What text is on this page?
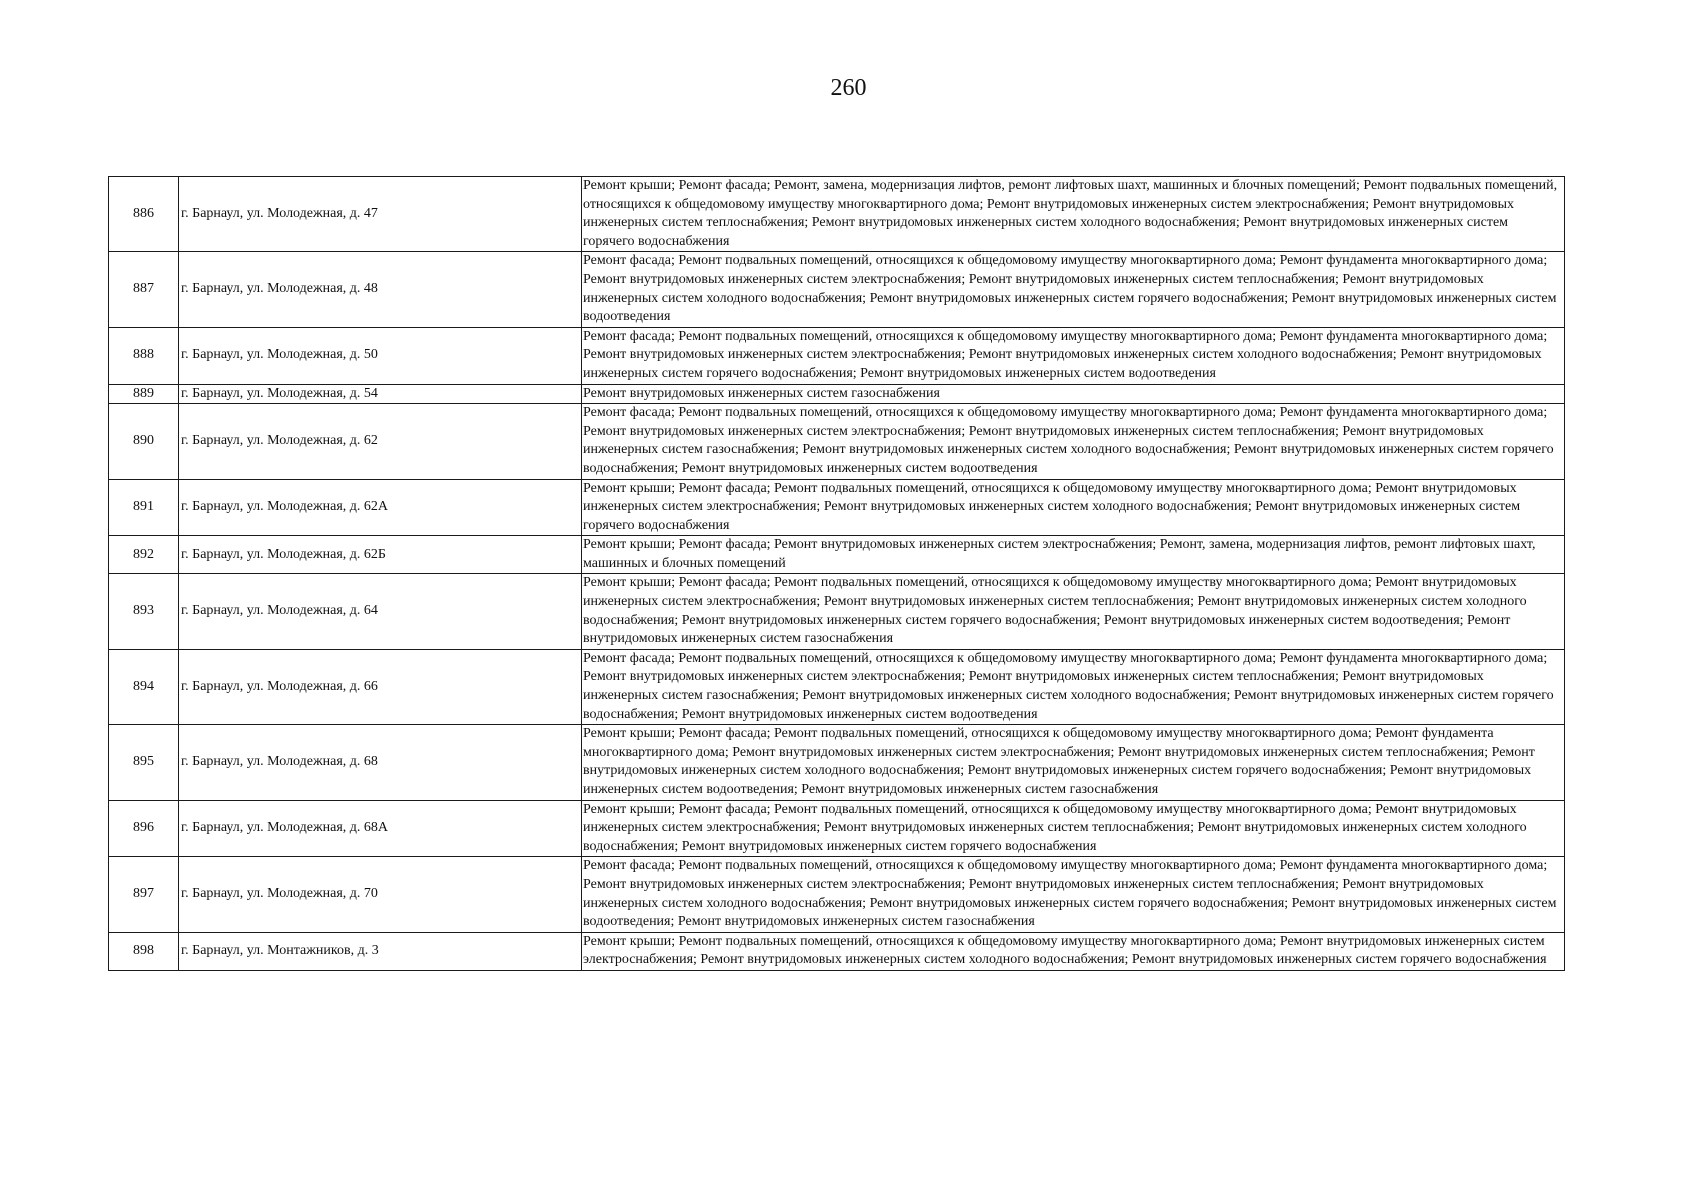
260
886	г. Барнаул, ул. Молодежная, д. 47	Ремонт крыши; Ремонт фасада; Ремонт, замена, модернизация лифтов, ремонт лифтовых шахт, машинных и блочных помещений; Ремонт подвальных помещений, относящихся к общедомовому имуществу многоквартирного дома; Ремонт внутридомовых инженерных систем электроснабжения; Ремонт внутридомовых инженерных систем теплоснабжения; Ремонт внутридомовых инженерных систем холодного водоснабжения; Ремонт внутридомовых инженерных систем горячего водоснабжения
887	г. Барнаул, ул. Молодежная, д. 48	Ремонт фасада; Ремонт подвальных помещений, относящихся к общедомовому имуществу многоквартирного дома; Ремонт фундамента многоквартирного дома; Ремонт внутридомовых инженерных систем электроснабжения; Ремонт внутридомовых инженерных систем теплоснабжения; Ремонт внутридомовых инженерных систем холодного водоснабжения; Ремонт внутридомовых инженерных систем горячего водоснабжения; Ремонт внутридомовых инженерных систем водоотведения
888	г. Барнаул, ул. Молодежная, д. 50	Ремонт фасада; Ремонт подвальных помещений, относящихся к общедомовому имуществу многоквартирного дома; Ремонт фундамента многоквартирного дома; Ремонт внутридомовых инженерных систем электроснабжения; Ремонт внутридомовых инженерных систем холодного водоснабжения; Ремонт внутридомовых инженерных систем горячего водоснабжения; Ремонт внутридомовых инженерных систем водоотведения
889	г. Барнаул, ул. Молодежная, д. 54	Ремонт внутридомовых инженерных систем газоснабжения
890	г. Барнаул, ул. Молодежная, д. 62	Ремонт фасада; Ремонт подвальных помещений, относящихся к общедомовому имуществу многоквартирного дома; Ремонт фундамента многоквартирного дома; Ремонт внутридомовых инженерных систем электроснабжения; Ремонт внутридомовых инженерных систем теплоснабжения; Ремонт внутридомовых инженерных систем газоснабжения; Ремонт внутридомовых инженерных систем холодного водоснабжения; Ремонт внутридомовых инженерных систем горячего водоснабжения; Ремонт внутридомовых инженерных систем водоотведения
891	г. Барнаул, ул. Молодежная, д. 62А	Ремонт крыши; Ремонт фасада; Ремонт подвальных помещений, относящихся к общедомовому имуществу многоквартирного дома; Ремонт внутридомовых инженерных систем электроснабжения; Ремонт внутридомовых инженерных систем холодного водоснабжения; Ремонт внутридомовых инженерных систем горячего водоснабжения
892	г. Барнаул, ул. Молодежная, д. 62Б	Ремонт крыши; Ремонт фасада; Ремонт внутридомовых инженерных систем электроснабжения; Ремонт, замена, модернизация лифтов, ремонт лифтовых шахт, машинных и блочных помещений
893	г. Барнаул, ул. Молодежная, д. 64	Ремонт крыши; Ремонт фасада; Ремонт подвальных помещений, относящихся к общедомовому имуществу многоквартирного дома; Ремонт внутридомовых инженерных систем электроснабжения; Ремонт внутридомовых инженерных систем теплоснабжения; Ремонт внутридомовых инженерных систем холодного водоснабжения; Ремонт внутридомовых инженерных систем горячего водоснабжения; Ремонт внутридомовых инженерных систем водоотведения; Ремонт внутридомовых инженерных систем газоснабжения
894	г. Барнаул, ул. Молодежная, д. 66	Ремонт фасада; Ремонт подвальных помещений, относящихся к общедомовому имуществу многоквартирного дома; Ремонт фундамента многоквартирного дома; Ремонт внутридомовых инженерных систем электроснабжения; Ремонт внутридомовых инженерных систем теплоснабжения; Ремонт внутридомовых инженерных систем газоснабжения; Ремонт внутридомовых инженерных систем холодного водоснабжения; Ремонт внутридомовых инженерных систем горячего водоснабжения; Ремонт внутридомовых инженерных систем водоотведения
895	г. Барнаул, ул. Молодежная, д. 68	Ремонт крыши; Ремонт фасада; Ремонт подвальных помещений, относящихся к общедомовому имуществу многоквартирного дома; Ремонт фундамента многоквартирного дома; Ремонт внутридомовых инженерных систем электроснабжения; Ремонт внутридомовых инженерных систем теплоснабжения; Ремонт внутридомовых инженерных систем холодного водоснабжения; Ремонт внутридомовых инженерных систем горячего водоснабжения; Ремонт внутридомовых инженерных систем водоотведения; Ремонт внутридомовых инженерных систем газоснабжения
896	г. Барнаул, ул. Молодежная, д. 68А	Ремонт крыши; Ремонт фасада; Ремонт подвальных помещений, относящихся к общедомовому имуществу многоквартирного дома; Ремонт внутридомовых инженерных систем электроснабжения; Ремонт внутридомовых инженерных систем теплоснабжения; Ремонт внутридомовых инженерных систем холодного водоснабжения; Ремонт внутридомовых инженерных систем горячего водоснабжения
897	г. Барнаул, ул. Молодежная, д. 70	Ремонт фасада; Ремонт подвальных помещений, относящихся к общедомовому имуществу многоквартирного дома; Ремонт фундамента многоквартирного дома; Ремонт внутридомовых инженерных систем электроснабжения; Ремонт внутридомовых инженерных систем теплоснабжения; Ремонт внутридомовых инженерных систем холодного водоснабжения; Ремонт внутридомовых инженерных систем горячего водоснабжения; Ремонт внутридомовых инженерных систем водоотведения; Ремонт внутридомовых инженерных систем газоснабжения
898	г. Барнаул, ул. Монтажников, д. 3	Ремонт крыши; Ремонт подвальных помещений, относящихся к общедомовому имуществу многоквартирного дома; Ремонт внутридомовых инженерных систем электроснабжения; Ремонт внутридомовых инженерных систем холодного водоснабжения; Ремонт внутридомовых инженерных систем горячего водоснабжения
